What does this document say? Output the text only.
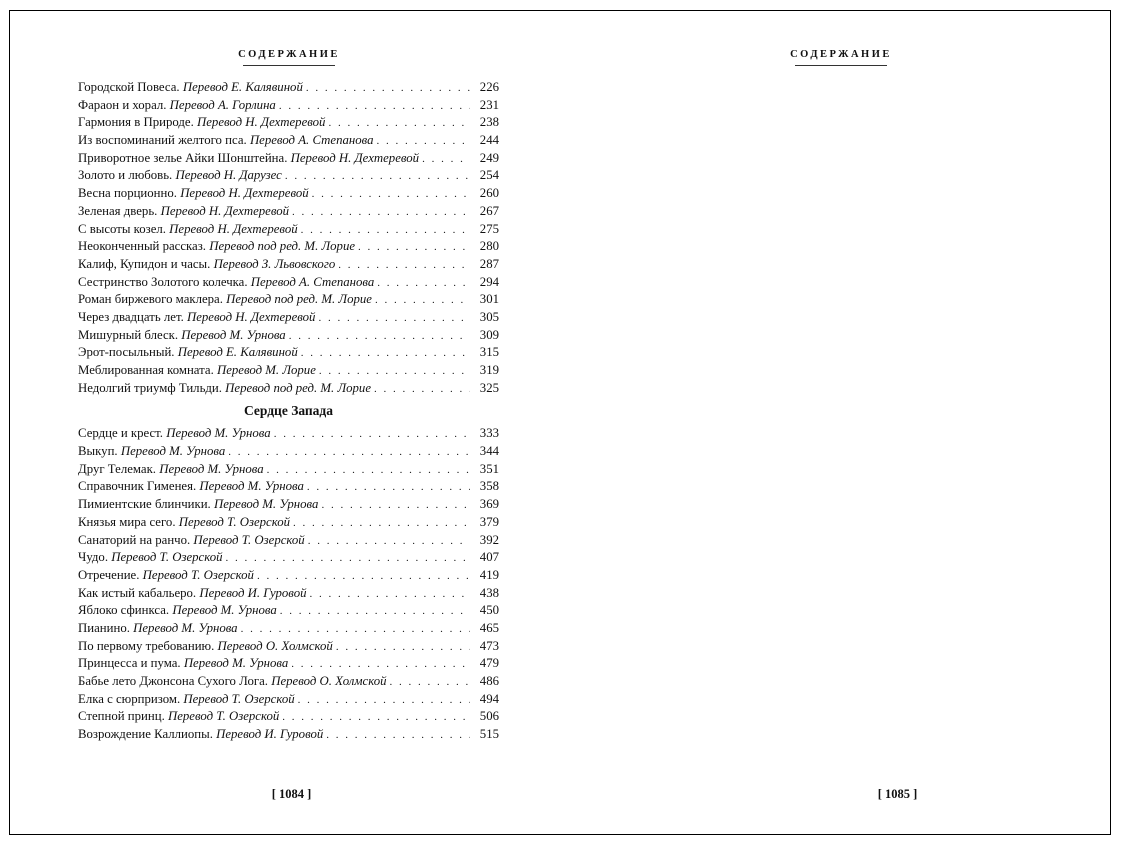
СОДЕРЖАНИЕ
Городской Повеса. Перевод Е. Калявиной . . .	226
Фараон и хорал. Перевод А. Горлина . . .	231
Гармония в Природе. Перевод Н. Дехтеревой . . .	238
Из воспоминаний желтого пса. Перевод А. Степанова . . .	244
Приворотное зелье Айки Шонштейна. Перевод Н. Дехтеревой . . .	249
Золото и любовь. Перевод Н. Дарузес . . .	254
Весна порционно. Перевод Н. Дехтеревой . . .	260
Зеленая дверь. Перевод Н. Дехтеревой . . .	267
С высоты козел. Перевод Н. Дехтеревой . . .	275
Неоконченный рассказ. Перевод под ред. М. Лорие . . .	280
Калиф, Купидон и часы. Перевод З. Львовского . . .	287
Сестринство Золотого колечка. Перевод А. Степанова . . .	294
Роман биржевого маклера. Перевод под ред. М. Лорие . . .	301
Через двадцать лет. Перевод Н. Дехтеревой . . .	305
Мишурный блеск. Перевод М. Урнова . . .	309
Эрот-посыльный. Перевод Е. Калявиной . . .	315
Меблированная комната. Перевод М. Лорие . . .	319
Недолгий триумф Тильди. Перевод под ред. М. Лорие . . .	325
Сердце Запада
Сердце и крест. Перевод М. Урнова . . .	333
Выкуп. Перевод М. Урнова . . .	344
Друг Телемак. Перевод М. Урнова . . .	351
Справочник Гименея. Перевод М. Урнова . . .	358
Пимиентские блинчики. Перевод М. Урнова . . .	369
Князья мира сего. Перевод Т. Озерской . . .	379
Санаторий на ранчо. Перевод Т. Озерской . . .	392
Чудо. Перевод Т. Озерской . . .	407
Отречение. Перевод Т. Озерской . . .	419
Как истый кабальеро. Перевод И. Гуровой . . .	438
Яблоко сфинкса. Перевод М. Урнова . . .	450
Пианино. Перевод М. Урнова . . .	465
По первому требованию. Перевод О. Холмской . . .	473
Принцесса и пума. Перевод М. Урнова . . .	479
Бабье лето Джонсона Сухого Лога. Перевод О. Холмской . . .	486
Елка с сюрпризом. Перевод Т. Озерской . . .	494
Степной принц. Перевод Т. Озерской . . .	506
Возрождение Каллиопы. Перевод И. Гуровой . . .	515
[ 1084 ]
СОДЕРЖАНИЕ
[ 1085 ]
